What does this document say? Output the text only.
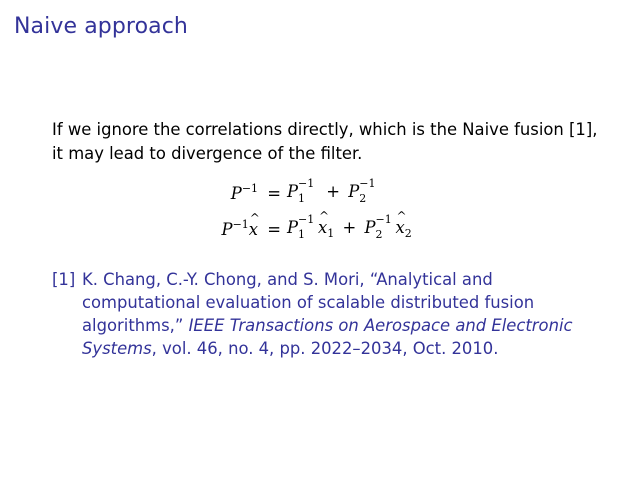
Naive approach
If we ignore the correlations directly, which is the Naive fusion [1],
it may lead to divergence of the filter.
$P^{-1} = P -1$
1 + P −1
2
$P^{-1}\^{}$ x = P −1
1 ^ $x_1 + P -1$
2 ^ $x_2$
[1] K. Chang, C.-Y. Chong, and S. Mori, “Analytical and
computational evaluation of scalable distributed fusion
algorithms,” IEEE Transactions on Aerospace and Electronic
Systems, vol. 46, no. 4, pp. 2022–2034, Oct. 2010.
